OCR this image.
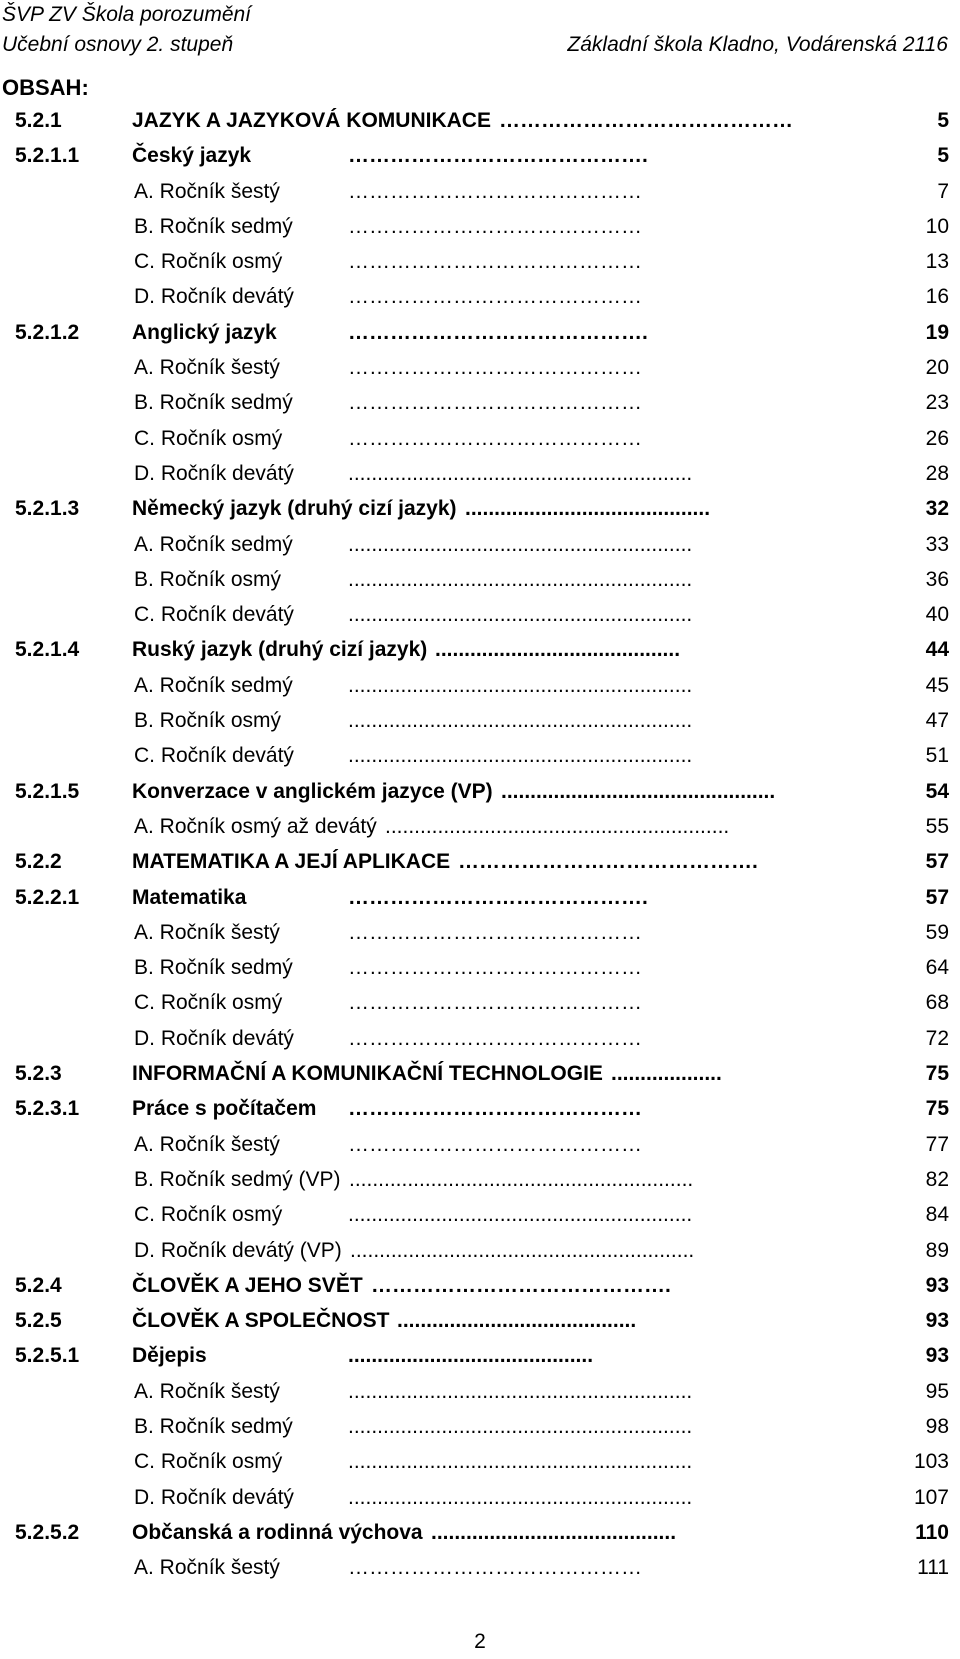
ŠVP ZV Škola porozumění
Učební osnovy 2. stupeň	Základní škola Kladno, Vodárenská 2116
OBSAH:
5.2.1	JAZYK A JAZYKOVÁ KOMUNIKACE ……………………………………	5
5.2.1.1	Český jazyk	…………………………………….	5
A. Ročník šestý	……………………………………	7
B. Ročník sedmý	……………………………………	10
C. Ročník osmý	……………………………………	13
D. Ročník devátý	……………………………………	16
5.2.1.2	Anglický jazyk	…………………………………….	19
A. Ročník šestý	……………………………………	20
B. Ročník sedmý	……………………………………	23
C. Ročník osmý	……………………………………	26
D. Ročník devátý	...........................................................	28
5.2.1.3	Německý jazyk (druhý cizí jazyk) ..........................................	32
A. Ročník sedmý	...........................................................	33
B. Ročník osmý	...........................................................	36
C. Ročník devátý	...........................................................	40
5.2.1.4	Ruský jazyk (druhý cizí jazyk) ..........................................	44
A. Ročník sedmý	...........................................................	45
B. Ročník osmý	...........................................................	47
C. Ročník devátý	...........................................................	51
5.2.1.5	Konverzace v anglickém jazyce (VP) ...............................................	54
A. Ročník osmý až devátý ...........................................................	55
5.2.2	MATEMATIKA A JEJÍ APLIKACE …………………………………….	57
5.2.2.1	Matematika	…………………………………….	57
A. Ročník šestý	……………………………………	59
B. Ročník sedmý	……………………………………	64
C. Ročník osmý	……………………………………	68
D. Ročník devátý	……………………………………	72
5.2.3	INFORMAČNÍ A KOMUNIKAČNÍ TECHNOLOGIE ...................	75
5.2.3.1	Práce s počítačem ……………………………………	75
A. Ročník šestý	……………………………………	77
B. Ročník sedmý (VP) ...........................................................	82
C. Ročník osmý	...........................................................	84
D. Ročník devátý (VP) ...........................................................	89
5.2.4	ČLOVĚK A JEHO SVĚT …………………………………….	93
5.2.5	ČLOVĚK A SPOLEČNOST .........................................	93
5.2.5.1	Dějepis	..........................................	93
A. Ročník šestý	...........................................................	95
B. Ročník sedmý	...........................................................	98
C. Ročník osmý	...........................................................	103
D. Ročník devátý	...........................................................	107
5.2.5.2	Občanská a rodinná výchova ..........................................	110
A. Ročník šestý	……………………………………	111
2
